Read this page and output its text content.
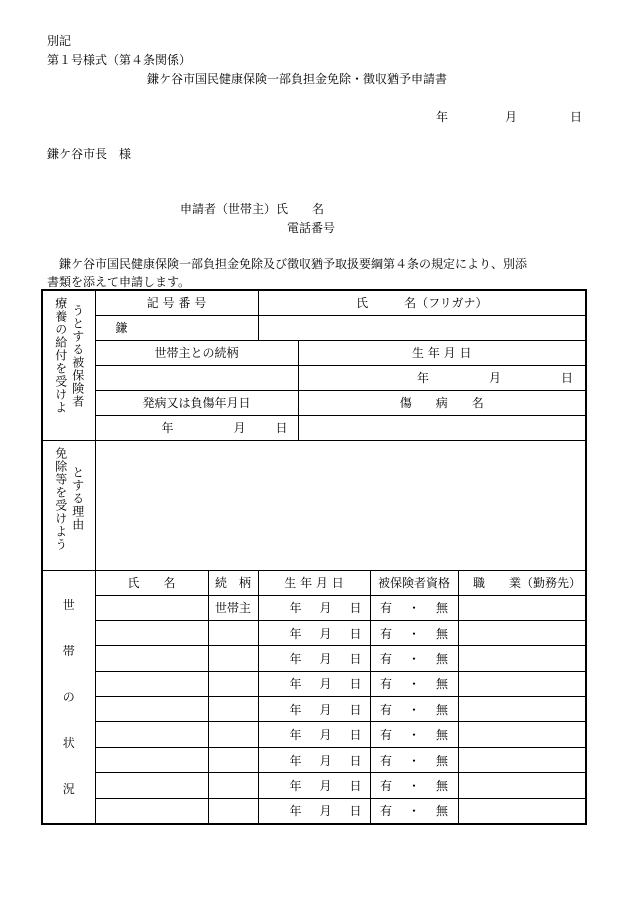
別記
第１号様式（第４条関係）
鎌ケ谷市国民健康保険一部負担金免除・徴収猶予申請書
年	月	日
鎌ケ谷市長　様
申請者（世帯主）氏　　名
電話番号
　鎌ケ谷市国民健康保険一部負担金免除及び徴収猶予取扱要綱第４条の規定により、別添
書類を添えて申請します。
うとする被保険者
療養の給付を受けよ	記 号 番 号		氏　　　名（フリガナ）			
	鎌					
	世帯主との続柄			生 年 月 日		
				年 月 日		
	発病又は負傷年月日			傷　　病　　名		
	年 月 日					

とする理由
免除等を受けよう						

世
帯
の
状
況	氏　　名	続　柄	生 年 月 日		被保険者資格	職　　業（勤務先）
		世帯主	年 月 日		有 ・ 無	
			年 月 日		有 ・ 無	
			年 月 日		有 ・ 無	
			年 月 日		有 ・ 無	
			年 月 日		有 ・ 無	
			年 月 日		有 ・ 無	
			年 月 日		有 ・ 無	
			年 月 日		有 ・ 無	
			年 月 日		有 ・ 無	
